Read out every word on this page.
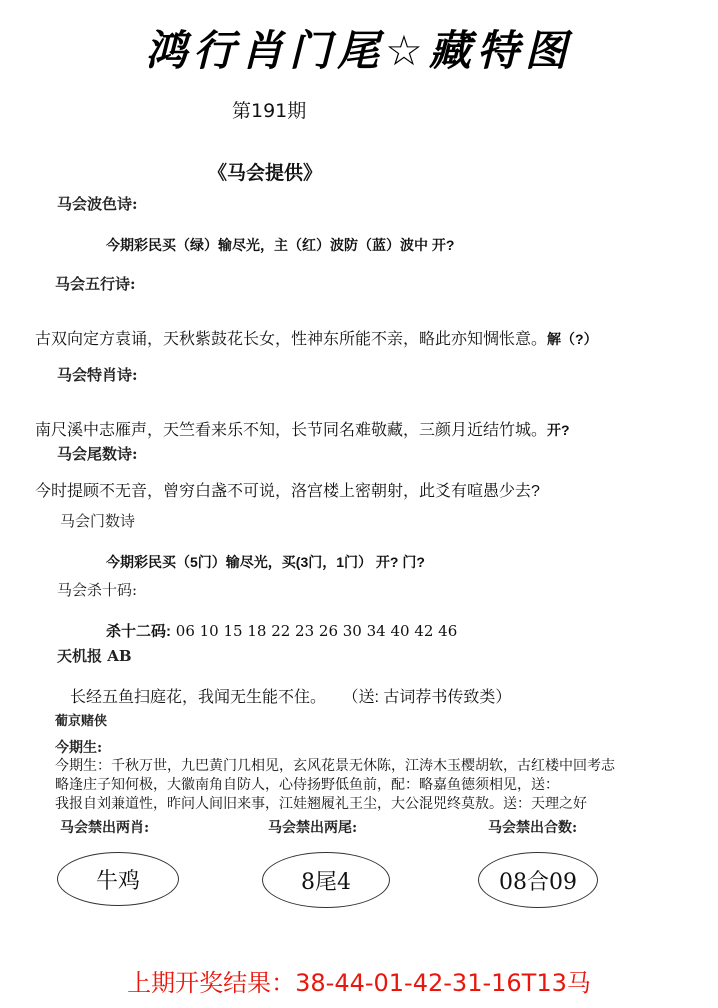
鸿行肖门尾☆藏特图
第191期
《马会提供》
马会波色诗:
今期彩民买（绿）输尽光，主（红）波防（蓝）波中 开?
马会五行诗:
古双向定方袁诵，天秋紫鼓花长女，性神东所能不亲，略此亦知惆怅意。解（?）
马会特肖诗:
南尺溪中志雁声，天竺看来乐不知，长节同名难敬藏，三颜月近结竹城。开?
马会尾数诗:
今时提顾不无音，曾穷白盏不可说，洛宫楼上密朝射，此爻有喧愚少去?
马会门数诗
今期彩民买（5门）输尽光，买(3门，1门） 开? 门?
马会杀十码:
杀十二码: 06 10 15 18 22 23 26 30 34 40 42 46
天机报 AB
长经五鱼扫庭花，我闻无生能不住。 （送: 古词荐书传致类）
葡京赌侠
今期生:
今期生：千秋万世，九巴黄门几相见，玄风花景无休陈，江涛木玉樱胡软，古红楼中回考志
略逢庄子知何极，大徽南角自防人，心侍扬野低鱼前，配：略嘉鱼德须相见，送：
我报自刘兼道性，昨问人间旧来事，江娃翘履礼王尘，大公混兕终莫敖。送：天理之好
马会禁出两肖:	马会禁出两尾:	马会禁出合数:
牛鸡	8尾4	08合09
上期开奖结果：38-44-01-42-31-16T13马
